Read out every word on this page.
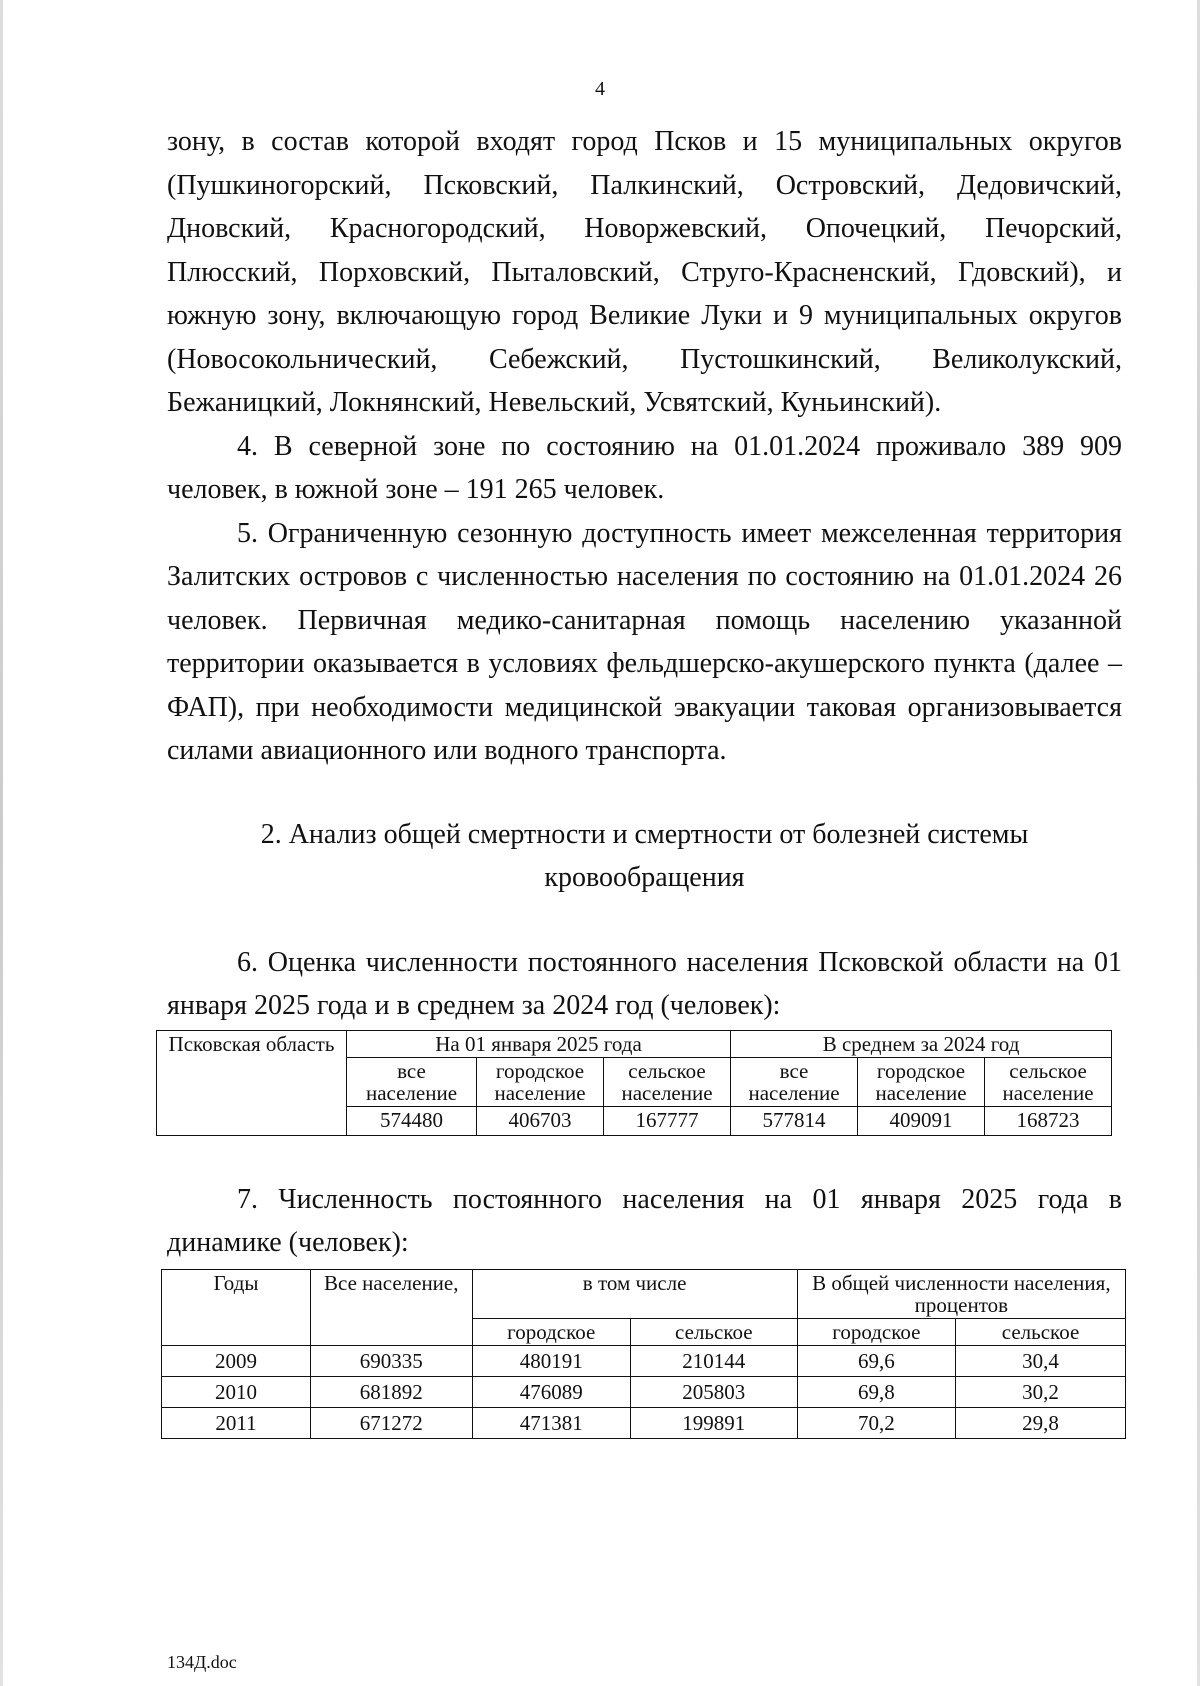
4

зону, в состав которой входят город Псков и 15 муниципальных округов (Пушкиногорский, Псковский, Палкинский, Островский, Дедовичский, Дновский, Красногородский, Новоржевский, Опочецкий, Печорский, Плюсский, Порховский, Пыталовский, Струго-Красненский, Гдовский), и южную зону, включающую город Великие Луки и 9 муниципальных округов (Новосокольнический, Себежский, Пустошкинский, Великолукский, Бежаницкий, Локнянский, Невельский, Усвятский, Куньинский).

4. В северной зоне по состоянию на 01.01.2024 проживало 389 909 человек, в южной зоне – 191 265 человек.

5. Ограниченную сезонную доступность имеет межселенная территория Залитских островов с численностью населения по состоянию на 01.01.2024 26 человек. Первичная медико-санитарная помощь населению указанной территории оказывается в условиях фельдшерско-акушерского пункта (далее – ФАП), при необходимости медицинской эвакуации таковая организовывается силами авиационного или водного транспорта.

2. Анализ общей смертности и смертности от болезней системы
кровообращения

6. Оценка численности постоянного населения Псковской области на 01 января 2025 года и в среднем за 2024 год (человек):

Псковская область	На 01 января 2025 года			В среднем за 2024 год		
	все население	городское население	сельское население	все население	городское население	сельское население
	574480	406703	167777	577814	409091	168723

7. Численность постоянного населения на 01 января 2025 года в динамике (человек):

Годы	Все население,	в том числе		В общей численности населения, процентов	
		городское	сельское	городское	сельское
2009	690335	480191	210144	69,6	30,4
2010	681892	476089	205803	69,8	30,2
2011	671272	471381	199891	70,2	29,8
134Д.doc
